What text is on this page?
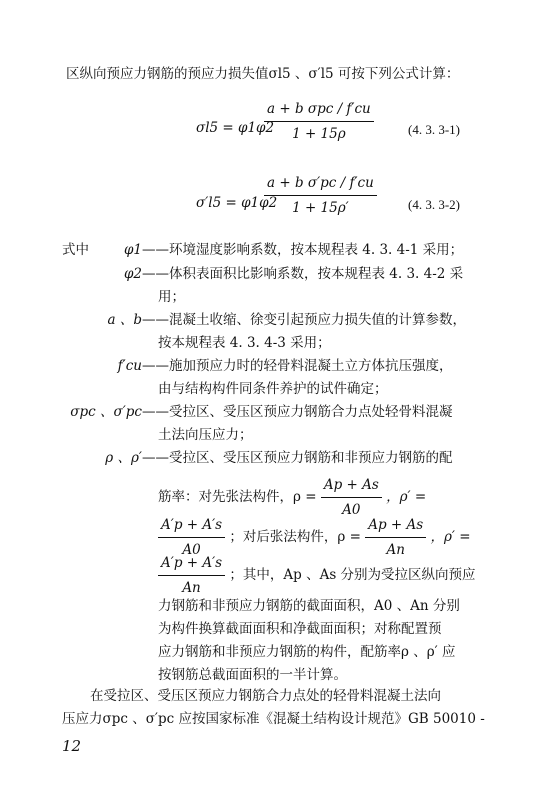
区纵向预应力钢筋的预应力损失值σl5 、σ′l5 可按下列公式计算：
σl5 = φ1φ2
a + b σpc / f′cu
1 + 15ρ	(4. 3. 3-1)
σ′l5 = φ1φ2
$\frac{\text{a + b σ′pc / f′cu}}{1 + 15\rho'} (4$. 3. 3-2)
式中	φ1 ——环境湿度影响系数，按本规程表 4. 3. 4-1 采用；
φ2 ——体积表面积比影响系数，按本规程表 4. 3. 4-2 采
用；
a 、b ——混凝土收缩、徐变引起预应力损失值的计算参数，
按本规程表 4. 3. 4-3 采用；
f′cu ——施加预应力时的轻骨料混凝土立方体抗压强度，
由与结构构件同条件养护的试件确定；
σpc 、σ′pc ——受拉区、受压区预应力钢筋合力点处轻骨料混凝
土法向压应力；
ρ 、ρ′ ——受拉区、受压区预应力钢筋和非预应力钢筋的配
筋率：对先张法构件，$\rho = \frac{Ap + As}{A0}$ ，ρ′ =
$\frac{A'p + A's}{A0}$ ；对后张法构件，$\rho = \frac{Ap + As}{An}$ ，ρ′ =
$\frac{A'p + A's}{An}$ ；其中，Ap 、As 分别为受拉区纵向预应
力钢筋和非预应力钢筋的截面面积，A0 、An 分别
为构件换算截面面积和净截面面积；对称配置预
应力钢筋和非预应力钢筋的构件，配筋率ρ 、ρ′ 应
按钢筋总截面面积的一半计算。
在受拉区、受压区预应力钢筋合力点处的轻骨料混凝土法向
压应力σpc 、σ′pc 应按国家标准《混凝土结构设计规范》GB 50010 -
12
